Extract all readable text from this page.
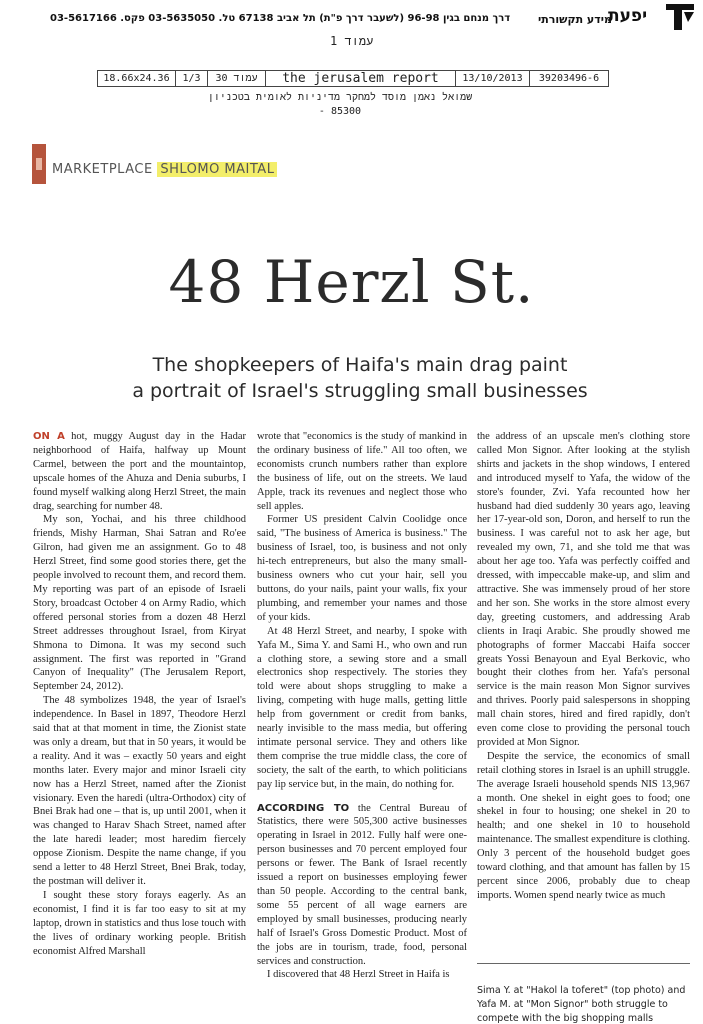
יפעת
מידע תקשורתי
דרך מנחם בגין 96-98 (לשעבר דרך פ"ת) תל אביב 67138 טל. 03-5635050 פקס. 03-5617166
עמוד 1
18.66x24.36	1/3	עמוד 30	the jerusalem report	13/10/2013	39203496-6
שמואל נאמן מוסד למחקר מדיניות לאומית בטכניון
85300 -
MARKETPLACE SHLOMO MAITAL
48 Herzl St.
The shopkeepers of Haifa's main drag paint
a portrait of Israel's struggling small businesses

ON A hot, muggy August day in the Hadar neighborhood of Haifa, halfway up Mount Carmel, between the port and the mountaintop, upscale homes of the Ahuza and Denia suburbs, I found myself walking along Herzl Street, the main drag, searching for number 48.

My son, Yochai, and his three childhood friends, Mishy Harman, Shai Satran and Ro'ee Gilron, had given me an assignment. Go to 48 Herzl Street, find some good stories there, get the people involved to recount them, and record them. My reporting was part of an episode of Israeli Story, broadcast October 4 on Army Radio, which offered personal stories from a dozen 48 Herzl Street addresses throughout Israel, from Kiryat Shmona to Dimona. It was my second such assignment. The first was reported in "Grand Canyon of Inequality" (The Jerusalem Report, September 24, 2012).

The 48 symbolizes 1948, the year of Israel's independence. In Basel in 1897, Theodore Herzl said that at that moment in time, the Zionist state was only a dream, but that in 50 years, it would be a reality. And it was – exactly 50 years and eight months later. Every major and minor Israeli city now has a Herzl Street, named after the Zionist visionary. Even the haredi (ultra-Orthodox) city of Bnei Brak had one – that is, up until 2001, when it was changed to Harav Shach Street, named after the late haredi leader; most haredim fiercely oppose Zionism. Despite the name change, if you send a letter to 48 Herzl Street, Bnei Brak, today, the postman will deliver it.

I sought these story forays eagerly. As an economist, I find it is far too easy to sit at my laptop, drown in statistics and thus lose touch with the lives of ordinary working people. British economist Alfred Marshall

wrote that "economics is the study of mankind in the ordinary business of life." All too often, we economists crunch numbers rather than explore the business of life, out on the streets. We laud Apple, track its revenues and neglect those who sell apples.

Former US president Calvin Coolidge once said, "The business of America is business." The business of Israel, too, is business and not only hi-tech entrepreneurs, but also the many small-business owners who cut your hair, sell you buttons, do your nails, paint your walls, fix your plumbing, and remember your names and those of your kids.

At 48 Herzl Street, and nearby, I spoke with Yafa M., Sima Y. and Sami H., who own and run a clothing store, a sewing store and a small electronics shop respectively. The stories they told were about shops struggling to make a living, competing with huge malls, getting little help from government or credit from banks, nearly invisible to the mass media, but offering intimate personal service. They and others like them comprise the true middle class, the core of society, the salt of the earth, to which politicians pay lip service but, in the main, do nothing for.

ACCORDING TO the Central Bureau of Statistics, there were 505,300 active businesses operating in Israel in 2012. Fully half were one-person businesses and 70 percent employed four persons or fewer. The Bank of Israel recently issued a report on businesses employing fewer than 50 people. According to the central bank, some 55 percent of all wage earners are employed by small businesses, producing nearly half of Israel's Gross Domestic Product. Most of the jobs are in tourism, trade, food, personal services and construction.

I discovered that 48 Herzl Street in Haifa is

the address of an upscale men's clothing store called Mon Signor. After looking at the stylish shirts and jackets in the shop windows, I entered and introduced myself to Yafa, the widow of the store's founder, Zvi. Yafa recounted how her husband had died suddenly 30 years ago, leaving her 17-year-old son, Doron, and herself to run the business. I was careful not to ask her age, but revealed my own, 71, and she told me that was about her age too. Yafa was perfectly coiffed and dressed, with impeccable make-up, and slim and attractive. She was immensely proud of her store and her son. She works in the store almost every day, greeting customers, and addressing Arab clients in Iraqi Arabic. She proudly showed me photographs of former Maccabi Haifa soccer greats Yossi Benayoun and Eyal Berkovic, who bought their clothes from her. Yafa's personal service is the main reason Mon Signor survives and thrives. Poorly paid salespersons in shopping mall chain stores, hired and fired rapidly, don't even come close to providing the personal touch provided at Mon Signor.

Despite the service, the economics of small retail clothing stores in Israel is an uphill struggle. The average Israeli household spends NIS 13,967 a month. One shekel in eight goes to food; one shekel in four to housing; one shekel in 20 to health; and one shekel in 10 to household maintenance. The smallest expenditure is clothing. Only 3 percent of the household budget goes toward clothing, and that amount has fallen by 15 percent since 2006, probably due to cheap imports. Women spend nearly twice as much

Sima Y. at "Hakol la toferet" (top photo) and Yafa M. at "Mon Signor" both struggle to compete with the big shopping malls
